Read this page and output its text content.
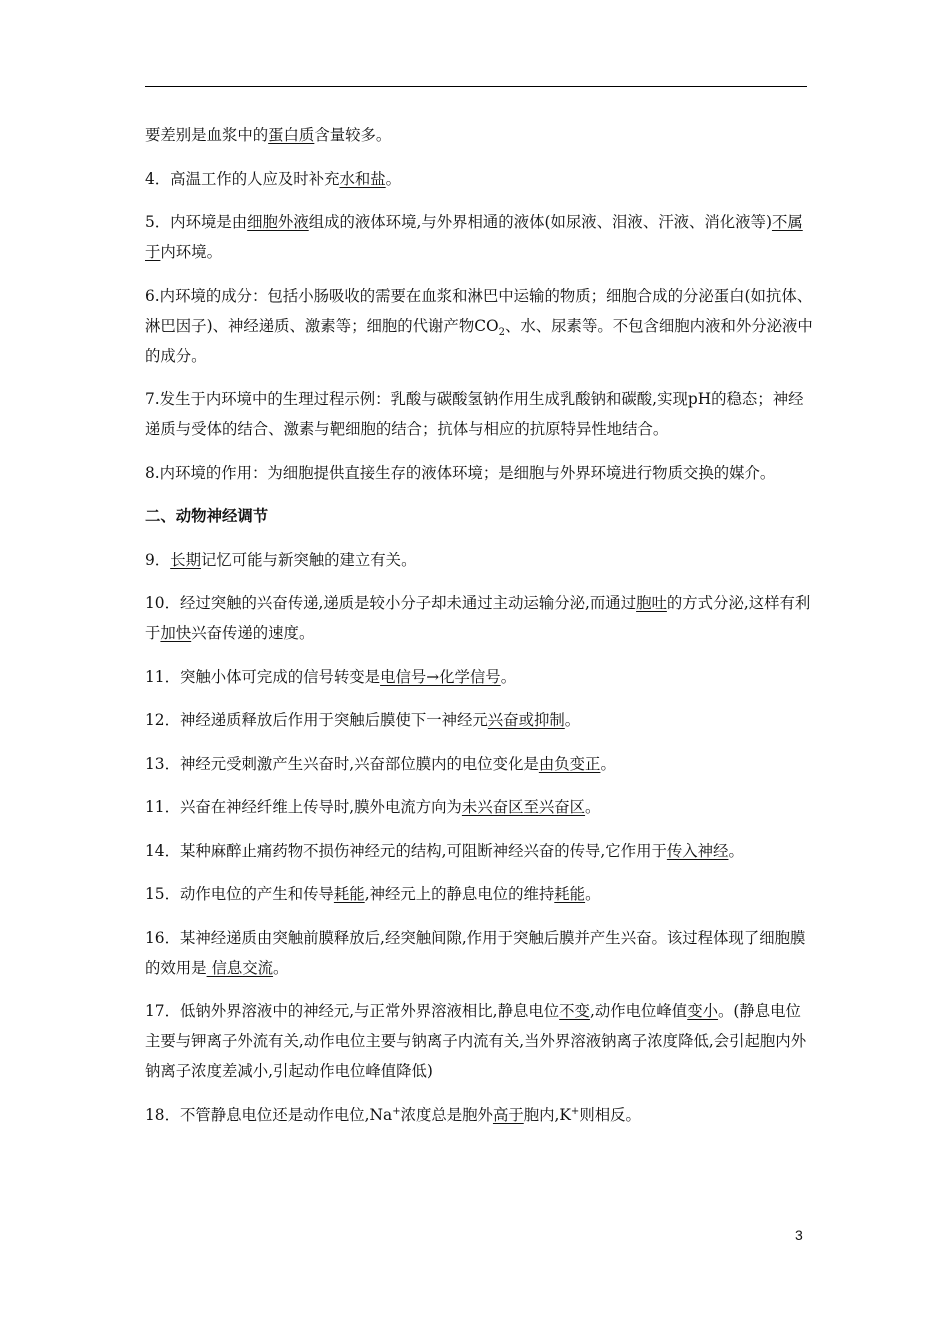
要差别是血浆中的蛋白质含量较多。

4．高温工作的人应及时补充水和盐。

5．内环境是由细胞外液组成的液体环境,与外界相通的液体(如尿液、泪液、汗液、消化液等)不属于内环境。

6.内环境的成分：包括小肠吸收的需要在血浆和淋巴中运输的物质；细胞合成的分泌蛋白(如抗体、淋巴因子)、神经递质、激素等；细胞的代谢产物$CO_2$、水、尿素等。不包含细胞内液和外分泌液中的成分。

7.发生于内环境中的生理过程示例：乳酸与碳酸氢钠作用生成乳酸钠和碳酸,实现pH的稳态；神经递质与受体的结合、激素与靶细胞的结合；抗体与相应的抗原特异性地结合。

8.内环境的作用：为细胞提供直接生存的液体环境；是细胞与外界环境进行物质交换的媒介。

二、动物神经调节

9．长期记忆可能与新突触的建立有关。

10．经过突触的兴奋传递,递质是较小分子却未通过主动运输分泌,而通过胞吐的方式分泌,这样有利于加快兴奋传递的速度。

11．突触小体可完成的信号转变是电信号→化学信号。

12．神经递质释放后作用于突触后膜使下一神经元兴奋或抑制。

13．神经元受刺激产生兴奋时,兴奋部位膜内的电位变化是由负变正。

11．兴奋在神经纤维上传导时,膜外电流方向为未兴奋区至兴奋区。

14．某种麻醉止痛药物不损伤神经元的结构,可阻断神经兴奋的传导,它作用于传入神经。

15．动作电位的产生和传导耗能,神经元上的静息电位的维持耗能。

16．某神经递质由突触前膜释放后,经突触间隙,作用于突触后膜并产生兴奋。该过程体现了细胞膜的效用是 信息交流。

17．低钠外界溶液中的神经元,与正常外界溶液相比,静息电位不变,动作电位峰值变小。(静息电位主要与钾离子外流有关,动作电位主要与钠离子内流有关,当外界溶液钠离子浓度降低,会引起胞内外钠离子浓度差减小,引起动作电位峰值降低)

18．不管静息电位还是动作电位,Na+浓度总是胞外高于胞内,K+则相反。

3
